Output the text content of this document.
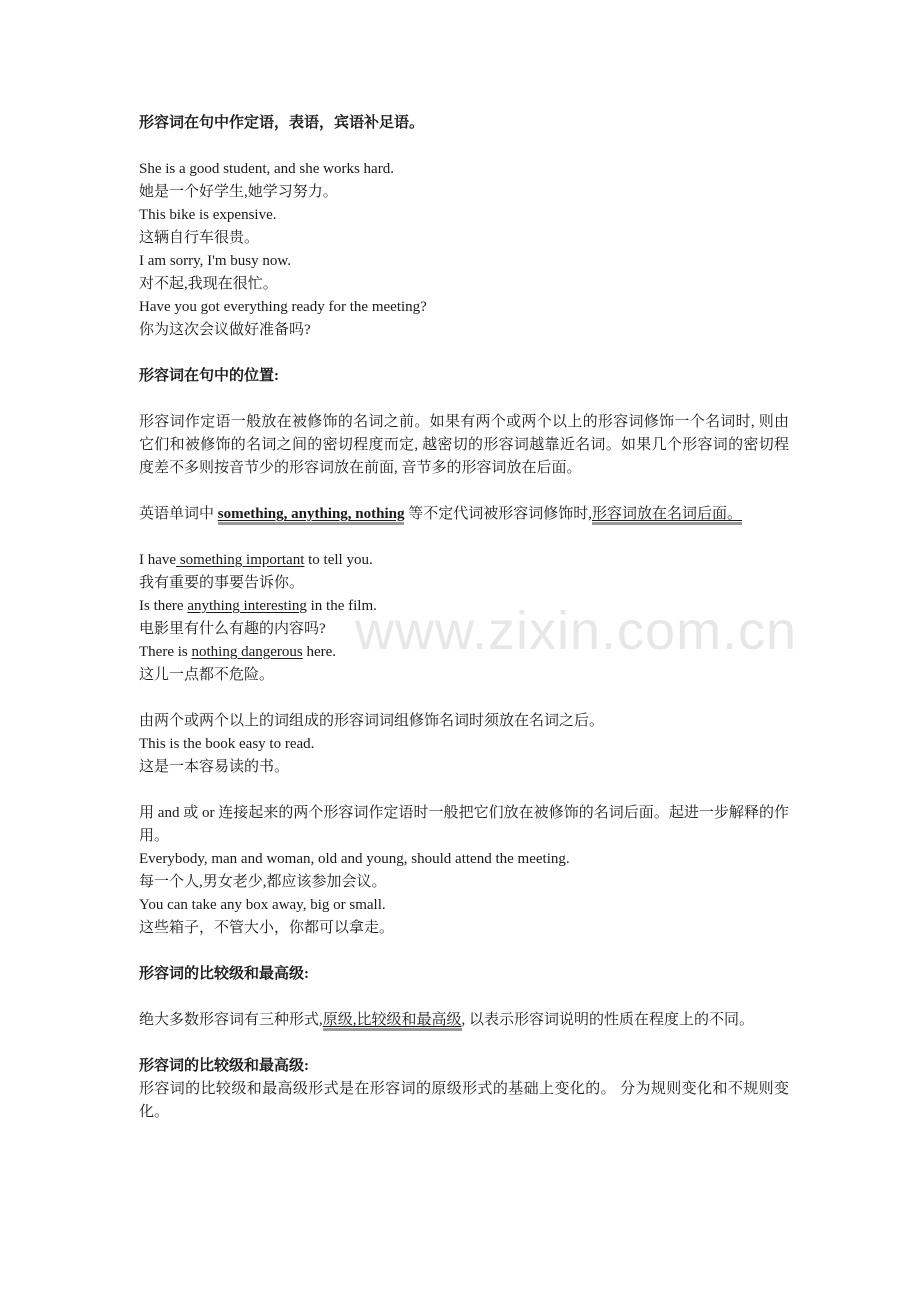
www.zixin.com.cn

形容词在句中作定语，表语，宾语补足语。

She is a good student, and she works hard.

她是一个好学生,她学习努力。

This bike is expensive.

这辆自行车很贵。

I am sorry, I'm busy now.

对不起,我现在很忙。

Have you got everything ready for the meeting?

你为这次会议做好准备吗?

形容词在句中的位置:

形容词作定语一般放在被修饰的名词之前。如果有两个或两个以上的形容词修饰一个名词时, 则由它们和被修饰的名词之间的密切程度而定, 越密切的形容词越靠近名词。如果几个形容词的密切程度差不多则按音节少的形容词放在前面, 音节多的形容词放在后面。

英语单词中 something, anything, nothing 等不定代词被形容词修饰时,形容词放在名词后面。

I have something important to tell you.

我有重要的事要告诉你。

Is there anything interesting in the film.

电影里有什么有趣的内容吗?

There is nothing dangerous here.

这儿一点都不危险。

由两个或两个以上的词组成的形容词词组修饰名词时须放在名词之后。

This is the book easy to read.

这是一本容易读的书。

用 and 或 or 连接起来的两个形容词作定语时一般把它们放在被修饰的名词后面。起进一步解释的作用。

Everybody, man and woman, old and young, should attend the meeting.

每一个人,男女老少,都应该参加会议。

You can take any box away, big or small.

这些箱子，不管大小，你都可以拿走。

形容词的比较级和最高级:

绝大多数形容词有三种形式,原级,比较级和最高级, 以表示形容词说明的性质在程度上的不同。

形容词的比较级和最高级:

形容词的比较级和最高级形式是在形容词的原级形式的基础上变化的。 分为规则变化和不规则变化。
